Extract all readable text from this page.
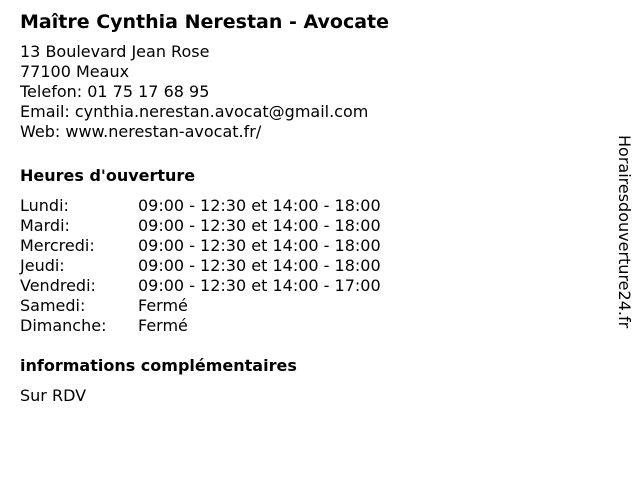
Maître Cynthia Nerestan - Avocate
13 Boulevard Jean Rose
77100 Meaux
Telefon: 01 75 17 68 95
Email: cynthia.nerestan.avocat@gmail.com
Web: www.nerestan-avocat.fr/
Heures d'ouverture
Lundi:	09:00 - 12:30 et 14:00 - 18:00
Mardi:	09:00 - 12:30 et 14:00 - 18:00
Mercredi:	09:00 - 12:30 et 14:00 - 18:00
Jeudi:	09:00 - 12:30 et 14:00 - 18:00
Vendredi:	09:00 - 12:30 et 14:00 - 17:00
Samedi:	Fermé
Dimanche:	Fermé
informations complémentaires
Sur RDV
Horairesdouverture24.fr
